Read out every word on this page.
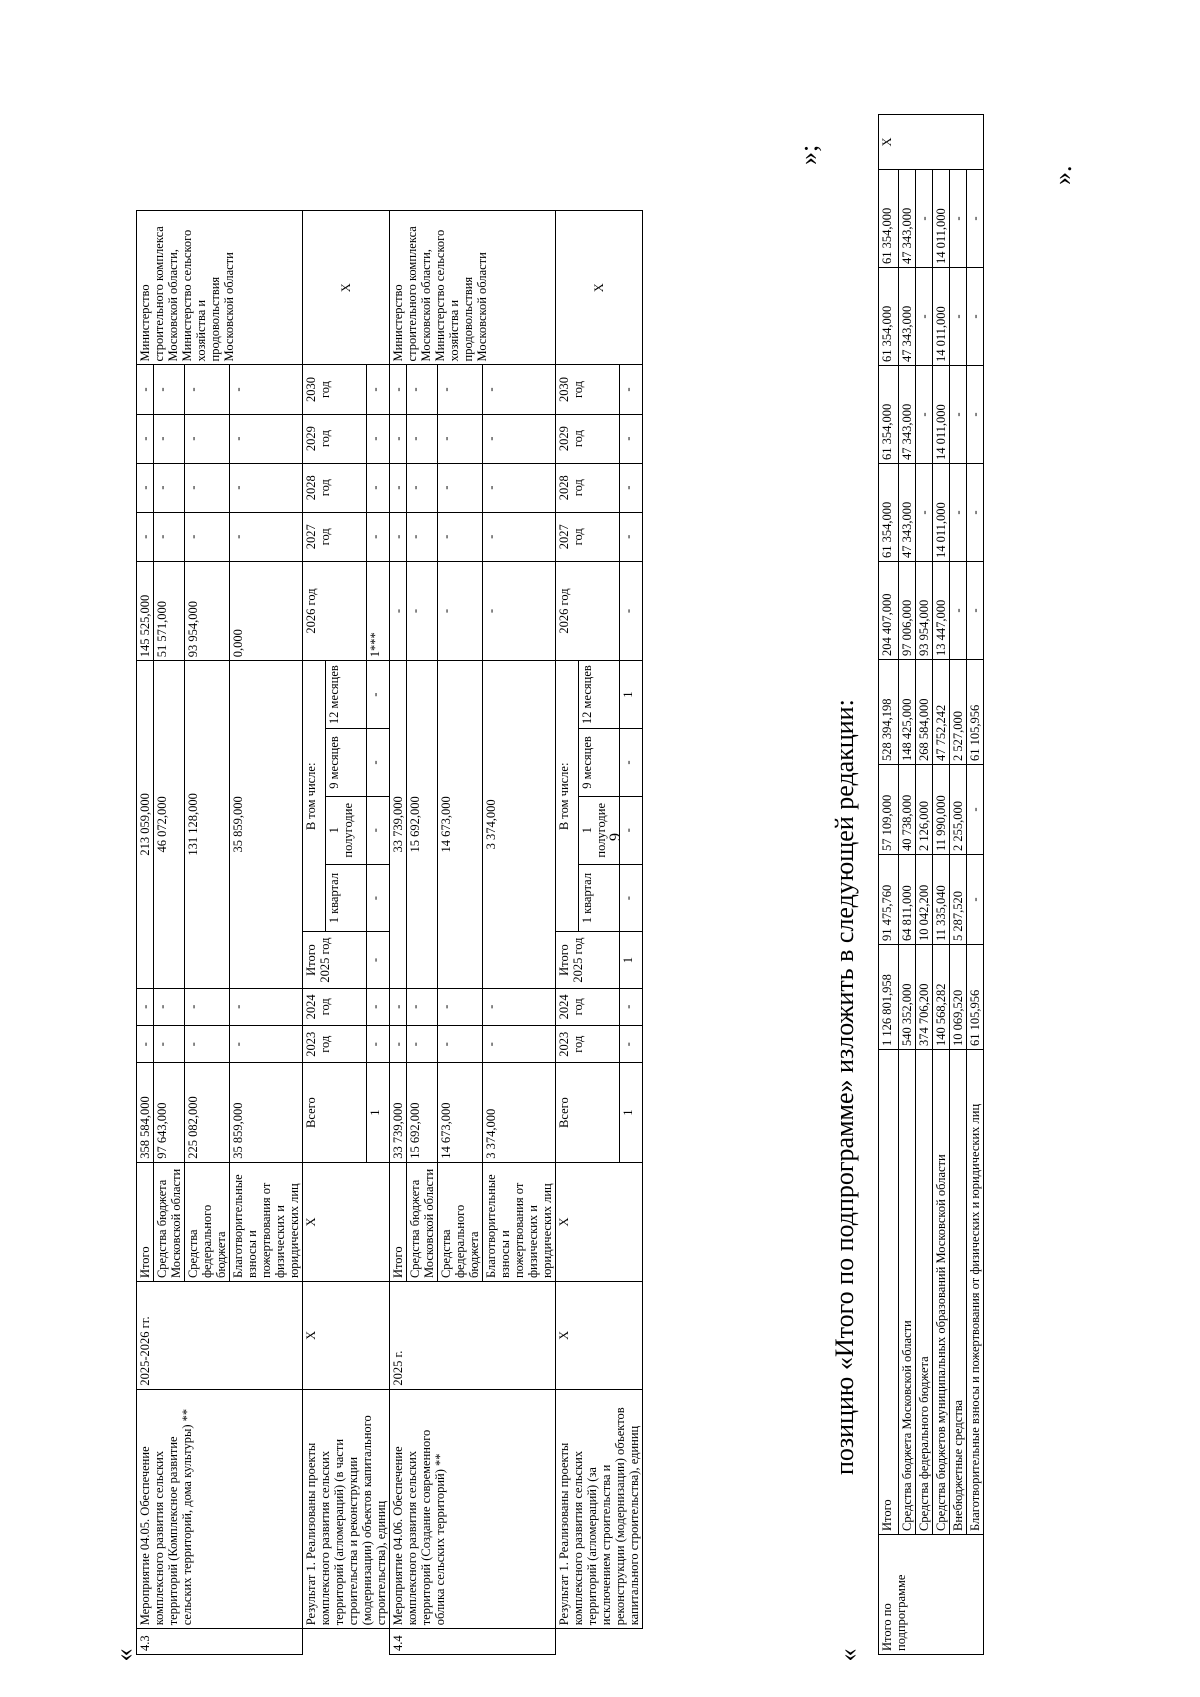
«
9
4.3	Мероприятие 04.05. Обеспечение комплексного развития сельских территорий (Комплексное развитие сельских территорий, дома культуры) **	2025-2026 гг.	Итого	358 584,000	-	-	213 059,000					145 525,000	-	-	-	-	Министерство строительного комплекса Московской области, Министерство сельского хозяйства и продовольствия Московской области
			Средства бюджета Московской области	97 643,000	-	-	46 072,000					51 571,000	-	-	-	-	
			Средства федерального бюджета	225 082,000	-	-	131 128,000					93 954,000	-	-	-	-	
			Благотворительные взносы и пожертвования от физических и юридических лиц	35 859,000	-	-	35 859,000					0,000	-	-	-	-	
	Результат 1. Реализованы проекты комплексного развития сельских территорий (агломераций) (в части строительства и реконструкции (модернизации) объектов капитального строительства), единиц	X	X	Всего	2023 год	2024 год	Итого 2025 год	В том числе:				2026 год	2027 год	2028 год	2029 год	2030 год	X
								1 квартал	1 полугодие	9 месяцев	12 месяцев						
				1	-	-	-	-	-	-	-	1***	-	-	-	-	
4.4	Мероприятие 04.06. Обеспечение комплексного развития сельских территорий (Создание современного облика сельских территорий) **	2025 г.	Итого	33 739,000	-	-	33 739,000					-	-	-	-	-	Министерство строительного комплекса Московской области, Министерство сельского хозяйства и продовольствия Московской области
			Средства бюджета Московской области	15 692,000	-	-	15 692,000					-	-	-	-	-	
			Средства федерального бюджета	14 673,000	-	-	14 673,000					-	-	-	-	-	
			Благотворительные взносы и пожертвования от физических и юридических лиц	3 374,000	-	-	3 374,000					-	-	-	-	-	
	Результат 1. Реализованы проекты комплексного развития сельских территорий (агломераций) (за исключением строительства и реконструкции (модернизации) объектов капитального строительства), единиц	X	X	Всего	2023 год	2024 год	Итого 2025 год	В том числе:				2026 год	2027 год	2028 год	2029 год	2030 год	X
								1 квартал	1 полугодие	9 месяцев	12 месяцев						
				1	-	-	1	-	-	-	1	-	-	-	-	-	
»;
позицию «Итого по подпрограмме» изложить в следующей редакции:
«
Итого по подпрограмме	Итого	1 126 801,958	91 475,760	57 109,000	528 394,198	204 407,000	61 354,000	61 354,000	61 354,000	61 354,000	X
	Средства бюджета Московской области	540 352,000	64 811,000	40 738,000	148 425,000	97 006,000	47 343,000	47 343,000	47 343,000	47 343,000	
	Средства федерального бюджета	374 706,200	10 042,200	2 126,000	268 584,000	93 954,000	-	-	-	-	
	Средства бюджетов муниципальных образований Московской области	140 568,282	11 335,040	11 990,000	47 752,242	13 447,000	14 011,000	14 011,000	14 011,000	14 011,000	
	Внебюджетные средства	10 069,520	5 287,520	2 255,000	2 527,000	-	-	-	-	-	
	Благотворительные взносы и пожертвования от физических и юридических лиц	61 105,956	-	-	61 105,956	-	-	-	-	-	
».
